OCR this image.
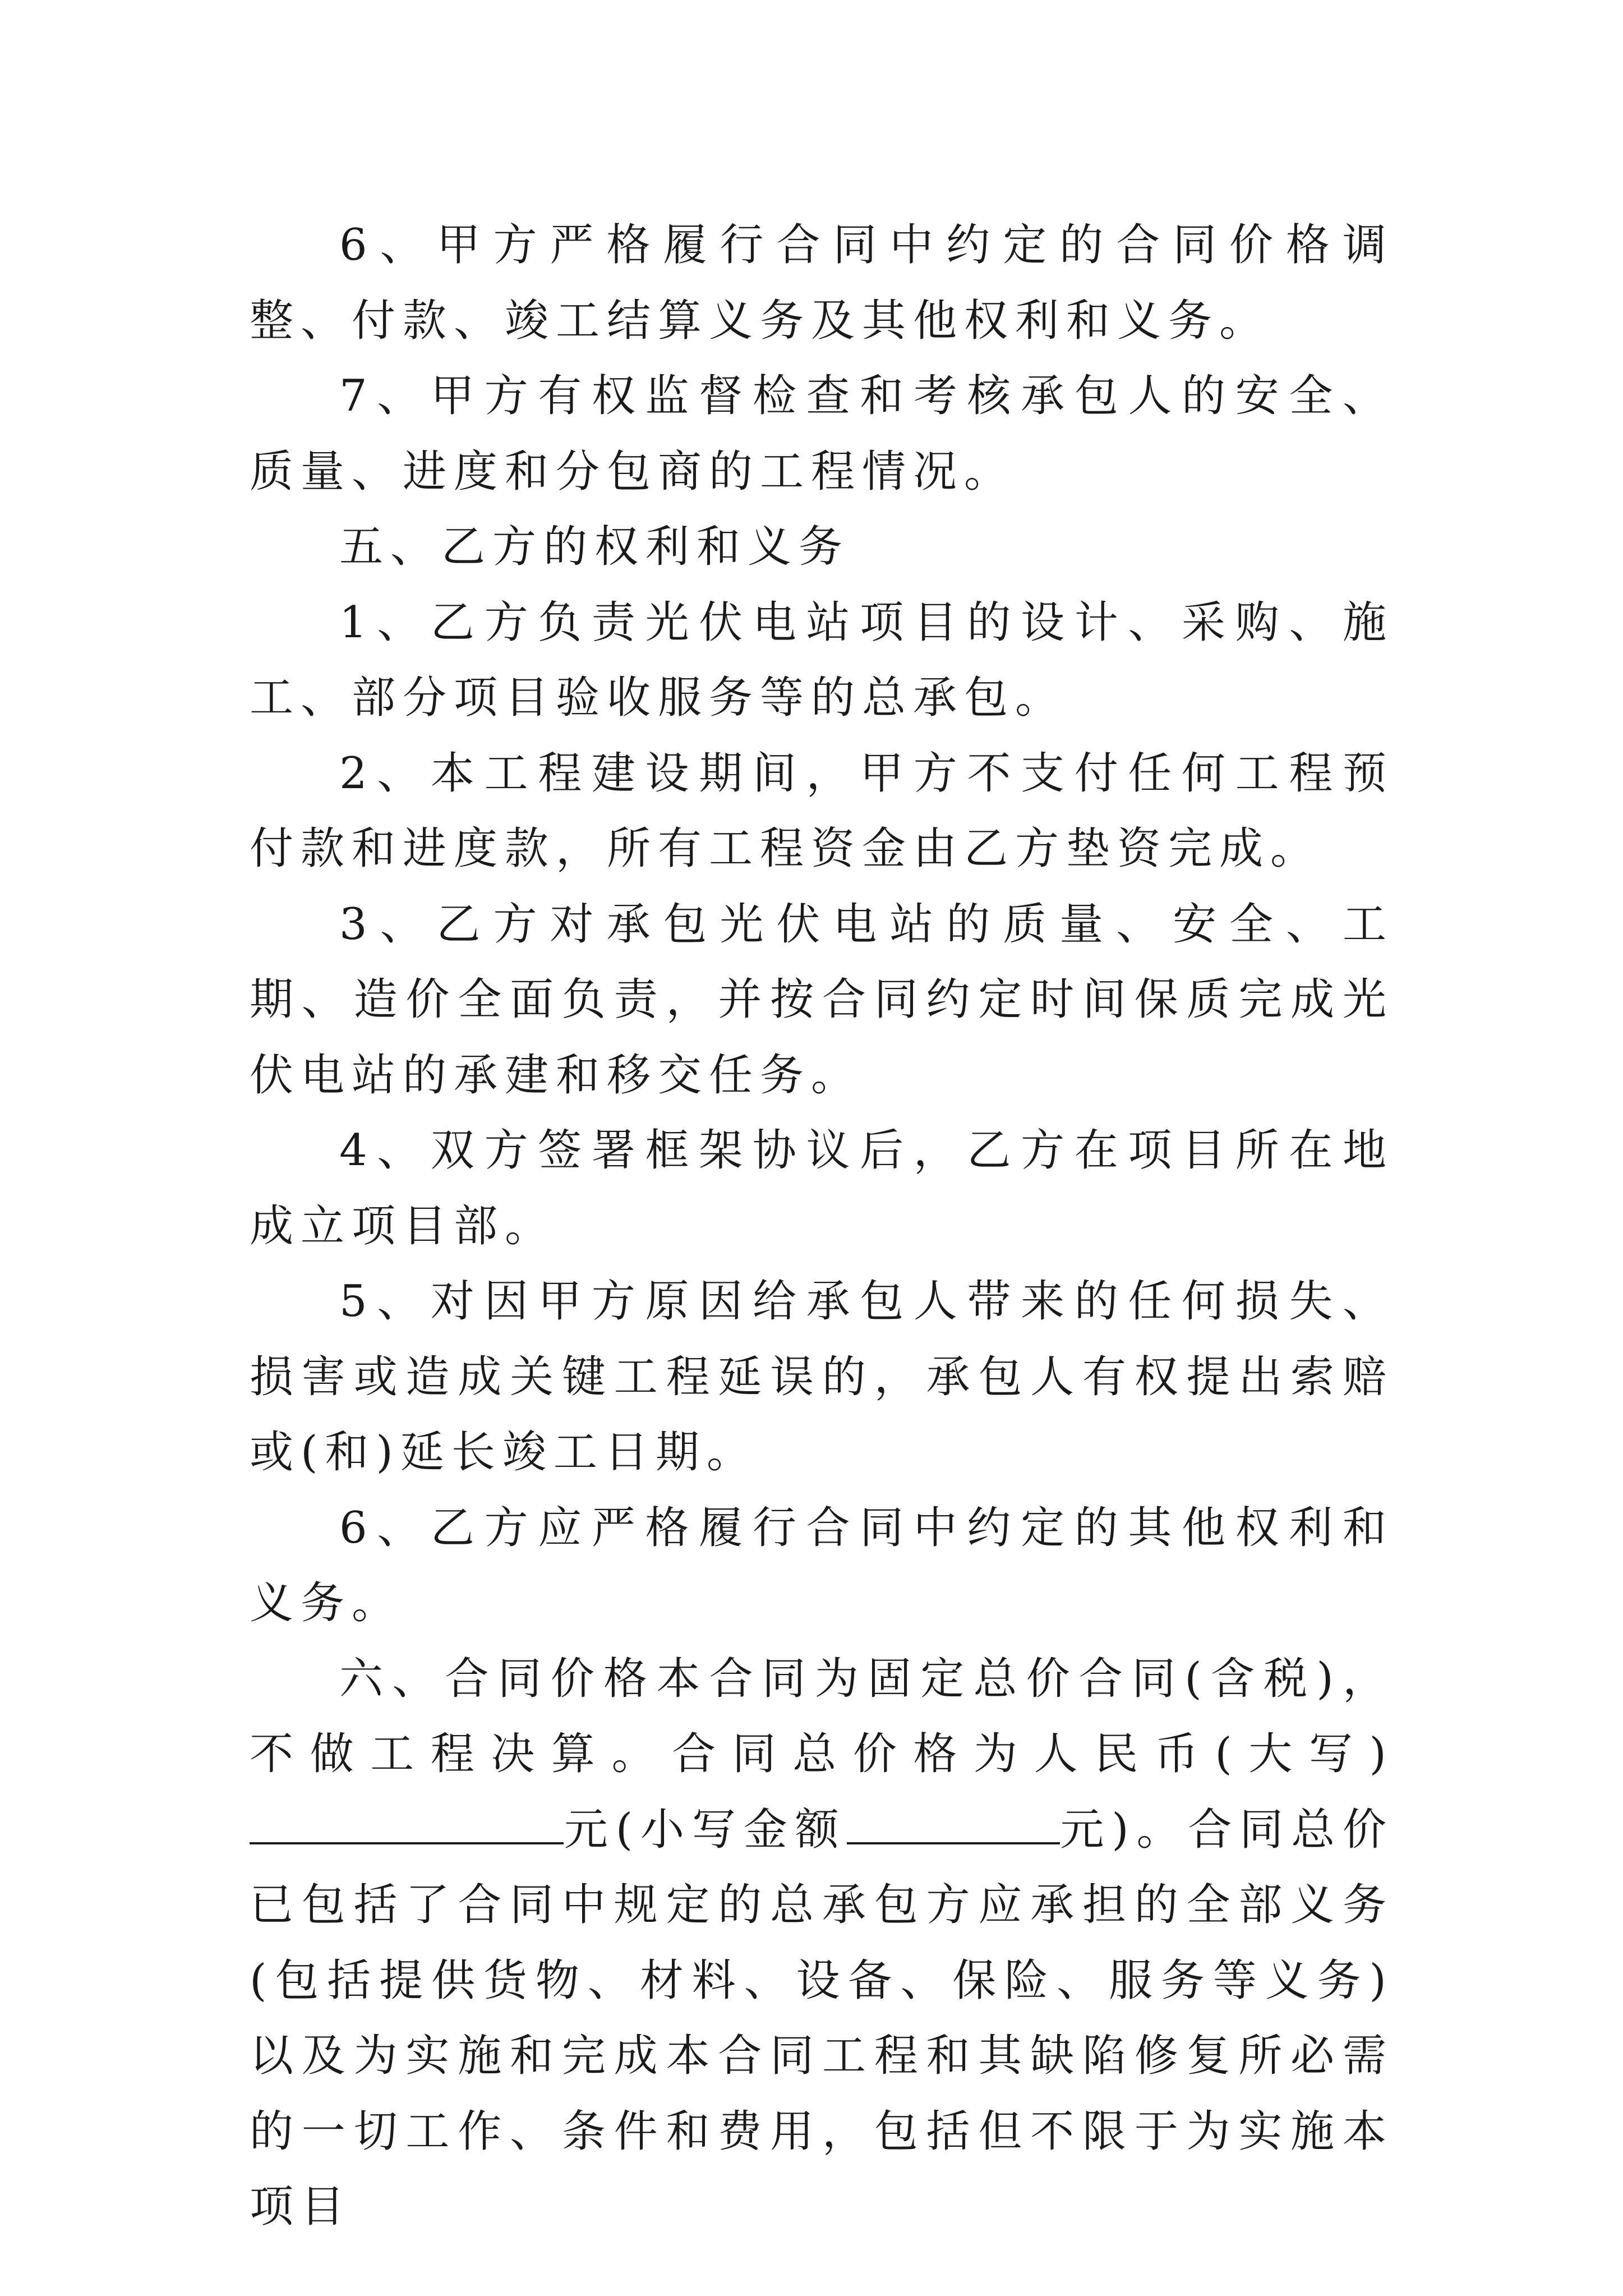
6、甲方严格履行合同中约定的合同价格调整、付款、竣工结算义务及其他权利和义务。

7、甲方有权监督检查和考核承包人的安全、质量、进度和分包商的工程情况。

五、乙方的权利和义务

1、乙方负责光伏电站项目的设计、采购、施工、部分项目验收服务等的总承包。

2、本工程建设期间，甲方不支付任何工程预付款和进度款，所有工程资金由乙方垫资完成。

3、乙方对承包光伏电站的质量、安全、工期、造价全面负责，并按合同约定时间保质完成光伏电站的承建和移交任务。

4、双方签署框架协议后，乙方在项目所在地成立项目部。

5、对因甲方原因给承包人带来的任何损失、损害或造成关键工程延误的，承包人有权提出索赔或(和)延长竣工日期。

6、乙方应严格履行合同中约定的其他权利和义务。

六、合同价格本合同为固定总价合同(含税)，不做工程决算。合同总价格为人民币(大写)元(小写金额	元)。合同总价已包括了合同中规定的总承包方应承担的全部义务(包括提供货物、材料、设备、保险、服务等义务)以及为实施和完成本合同工程和其缺陷修复所必需的一切工作、条件和费用，包括但不限于为实施本项目
